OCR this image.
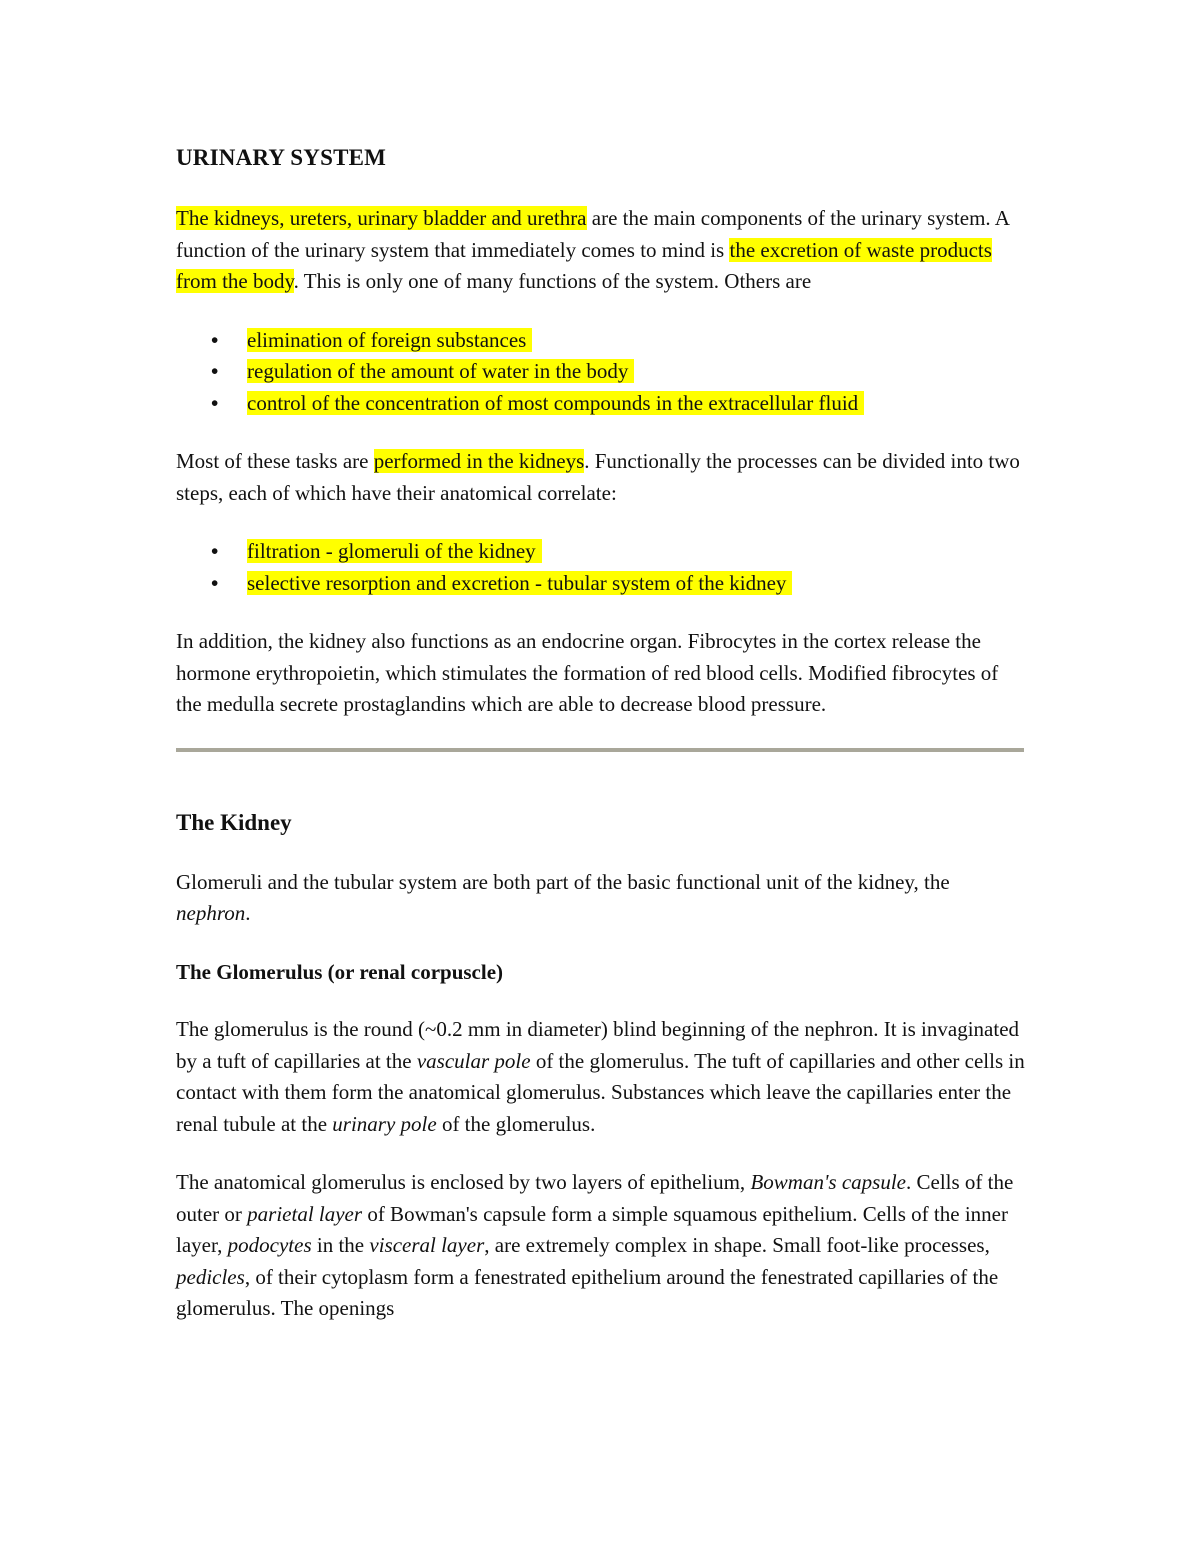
URINARY SYSTEM

The kidneys, ureters, urinary bladder and urethra are the main components of the urinary system. A function of the urinary system that immediately comes to mind is the excretion of waste products from the body. This is only one of many functions of the system. Others are

•	elimination of foreign substances
•	regulation of the amount of water in the body
•	control of the concentration of most compounds in the extracellular fluid

Most of these tasks are performed in the kidneys. Functionally the processes can be divided into two steps, each of which have their anatomical correlate:

•	filtration - glomeruli of the kidney
•	selective resorption and excretion - tubular system of the kidney

In addition, the kidney also functions as an endocrine organ. Fibrocytes in the cortex release the hormone erythropoietin, which stimulates the formation of red blood cells. Modified fibrocytes of the medulla secrete prostaglandins which are able to decrease blood pressure.

The Kidney

Glomeruli and the tubular system are both part of the basic functional unit of the kidney, the nephron.

The Glomerulus (or renal corpuscle)

The glomerulus is the round (~0.2 mm in diameter) blind beginning of the nephron. It is invaginated by a tuft of capillaries at the vascular pole of the glomerulus. The tuft of capillaries and other cells in contact with them form the anatomical glomerulus. Substances which leave the capillaries enter the renal tubule at the urinary pole of the glomerulus.

The anatomical glomerulus is enclosed by two layers of epithelium, Bowman's capsule. Cells of the outer or parietal layer of Bowman's capsule form a simple squamous epithelium. Cells of the inner layer, podocytes in the visceral layer, are extremely complex in shape. Small foot-like processes, pedicles, of their cytoplasm form a fenestrated epithelium around the fenestrated capillaries of the glomerulus. The openings
